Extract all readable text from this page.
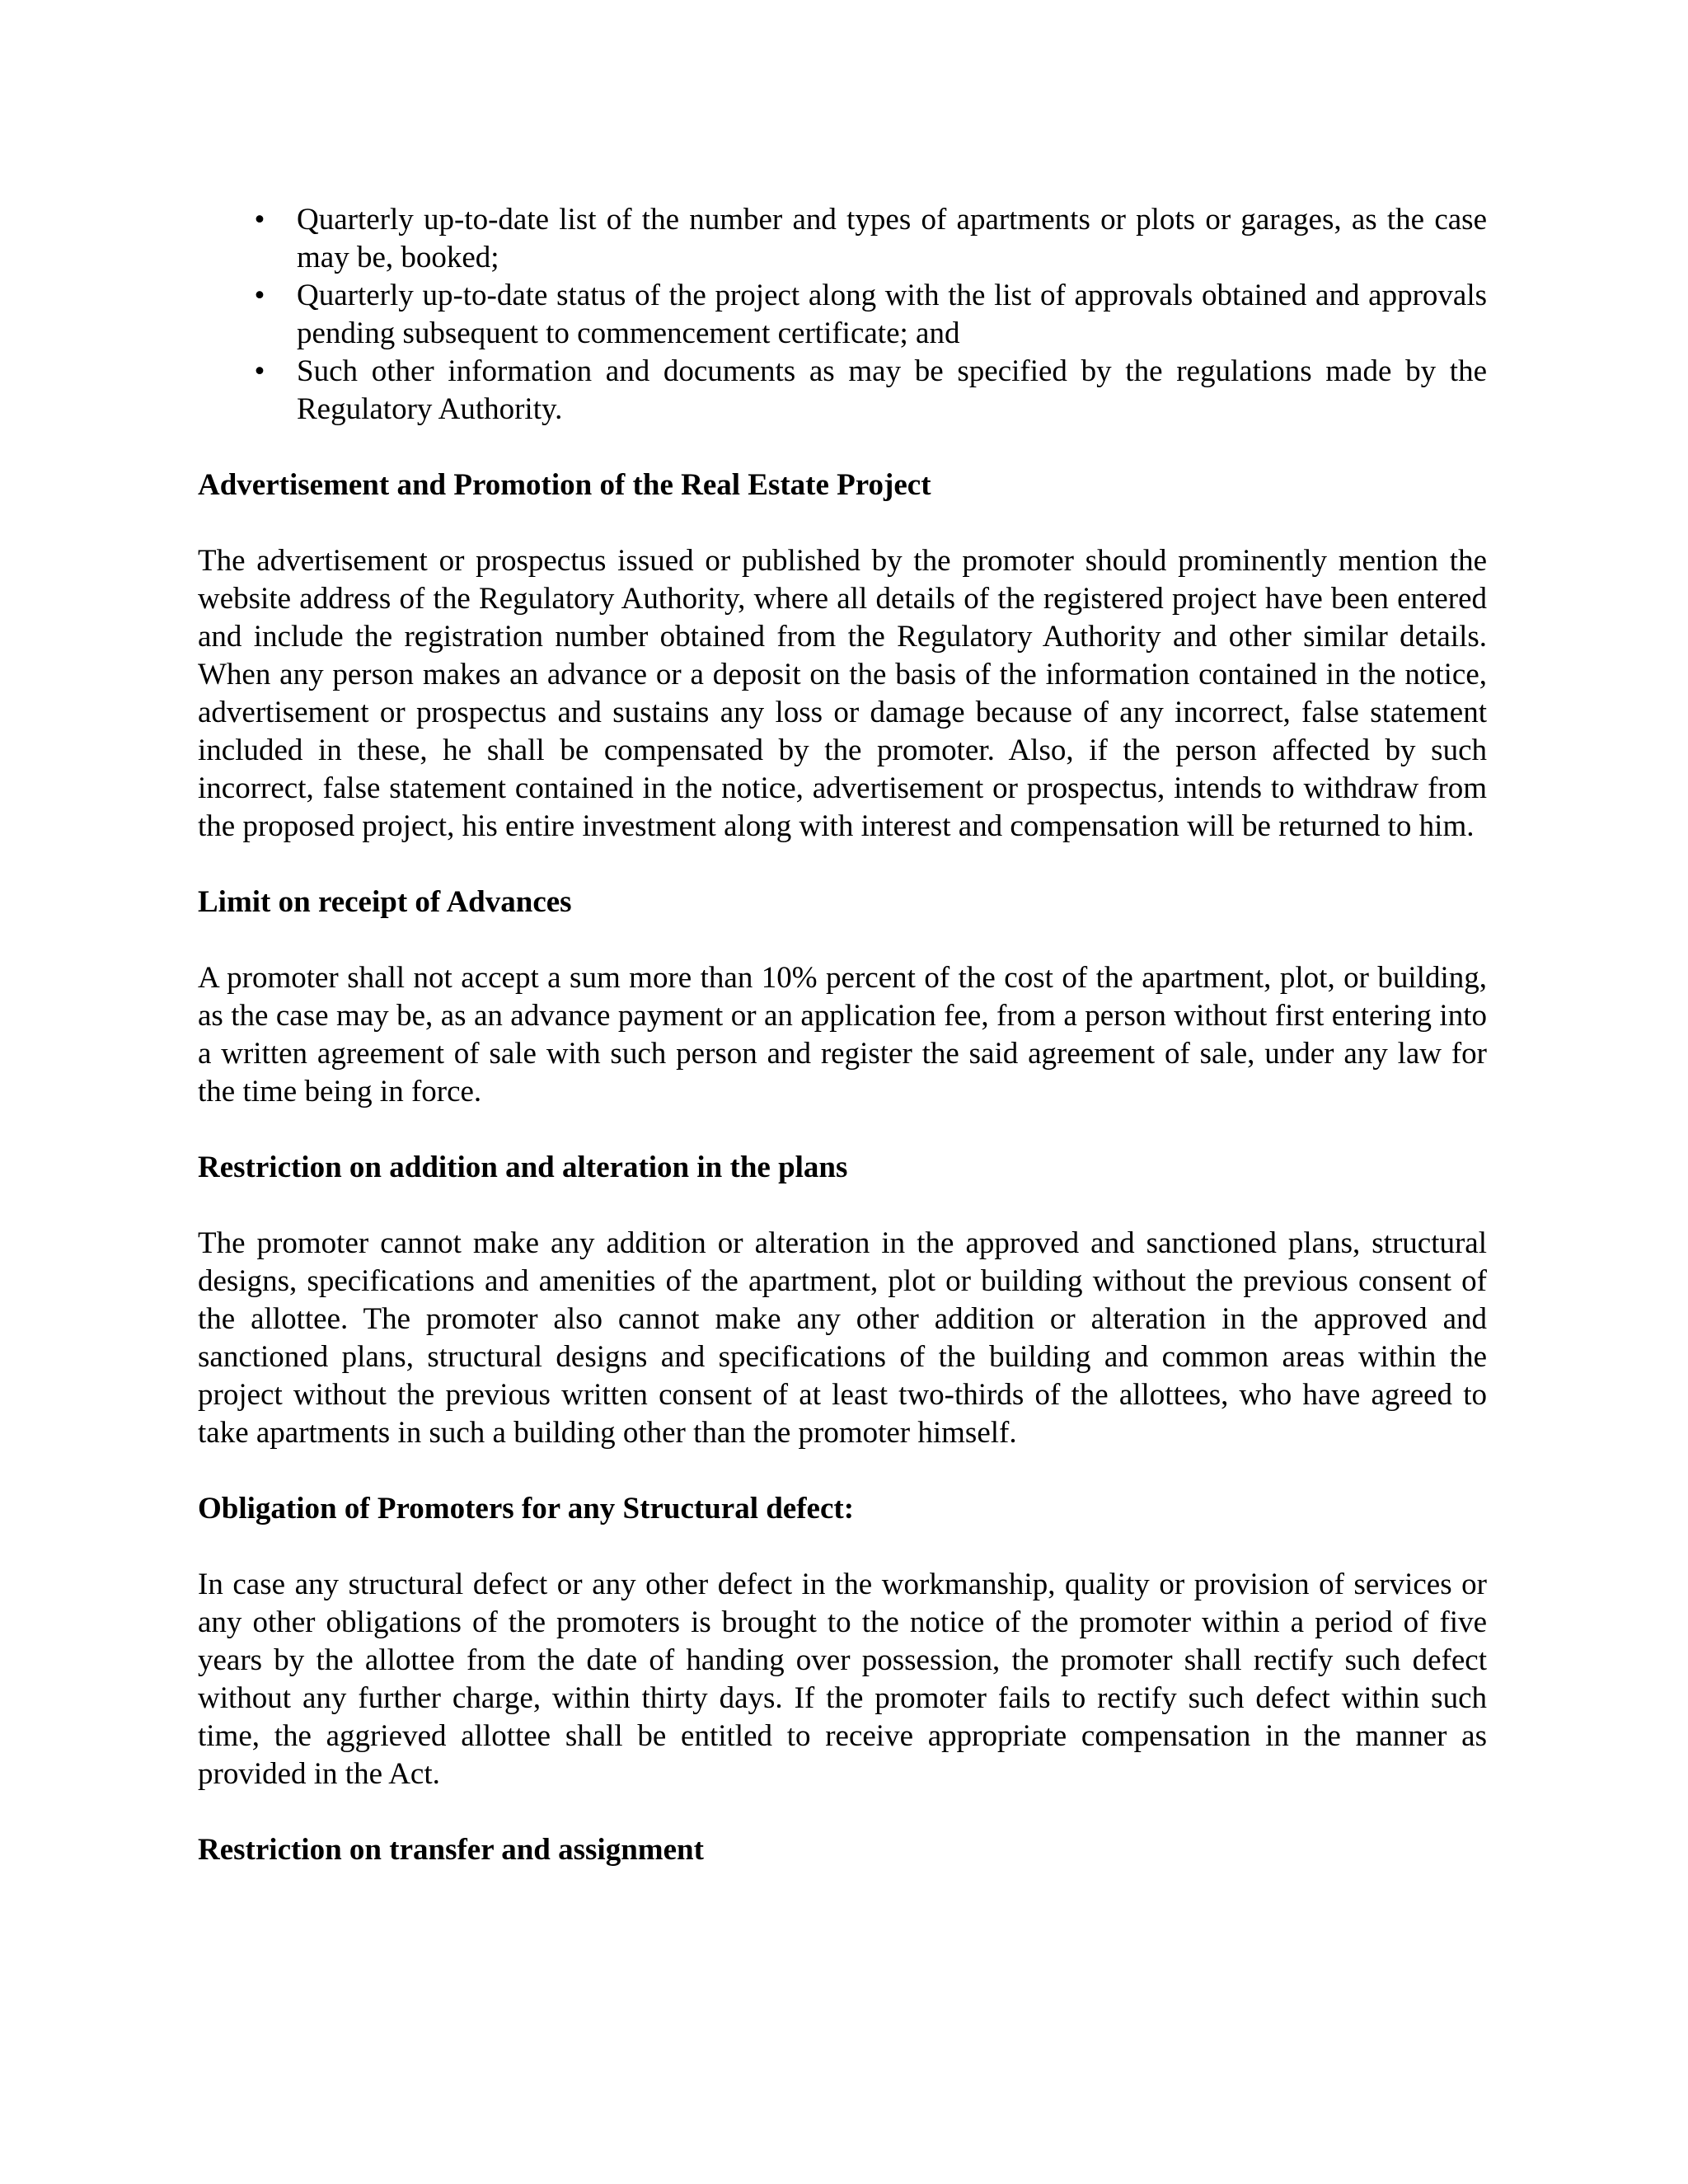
• Quarterly up-to-date list of the number and types of apartments or plots or garages, as the case may be, booked;
• Quarterly up-to-date status of the project along with the list of approvals obtained and approvals pending subsequent to commencement certificate; and
• Such other information and documents as may be specified by the regulations made by the Regulatory Authority.
Advertisement and Promotion of the Real Estate Project

The advertisement or prospectus issued or published by the promoter should prominently mention the website address of the Regulatory Authority, where all details of the registered project have been entered and include the registration number obtained from the Regulatory Authority and other similar details. When any person makes an advance or a deposit on the basis of the information contained in the notice, advertisement or prospectus and sustains any loss or damage because of any incorrect, false statement included in these, he shall be compensated by the promoter. Also, if the person affected by such incorrect, false statement contained in the notice, advertisement or prospectus, intends to withdraw from the proposed project, his entire investment along with interest and compensation will be returned to him.

Limit on receipt of Advances

A promoter shall not accept a sum more than 10% percent of the cost of the apartment, plot, or building, as the case may be, as an advance payment or an application fee, from a person without first entering into a written agreement of sale with such person and register the said agreement of sale, under any law for the time being in force.

Restriction on addition and alteration in the plans

The promoter cannot make any addition or alteration in the approved and sanctioned plans, structural designs, specifications and amenities of the apartment, plot or building without the previous consent of the allottee. The promoter also cannot make any other addition or alteration in the approved and sanctioned plans, structural designs and specifications of the building and common areas within the project without the previous written consent of at least two-thirds of the allottees, who have agreed to take apartments in such a building other than the promoter himself.

Obligation of Promoters for any Structural defect:

In case any structural defect or any other defect in the workmanship, quality or provision of services or any other obligations of the promoters is brought to the notice of the promoter within a period of five years by the allottee from the date of handing over possession, the promoter shall rectify such defect without any further charge, within thirty days. If the promoter fails to rectify such defect within such time, the aggrieved allottee shall be entitled to receive appropriate compensation in the manner as provided in the Act.

Restriction on transfer and assignment
